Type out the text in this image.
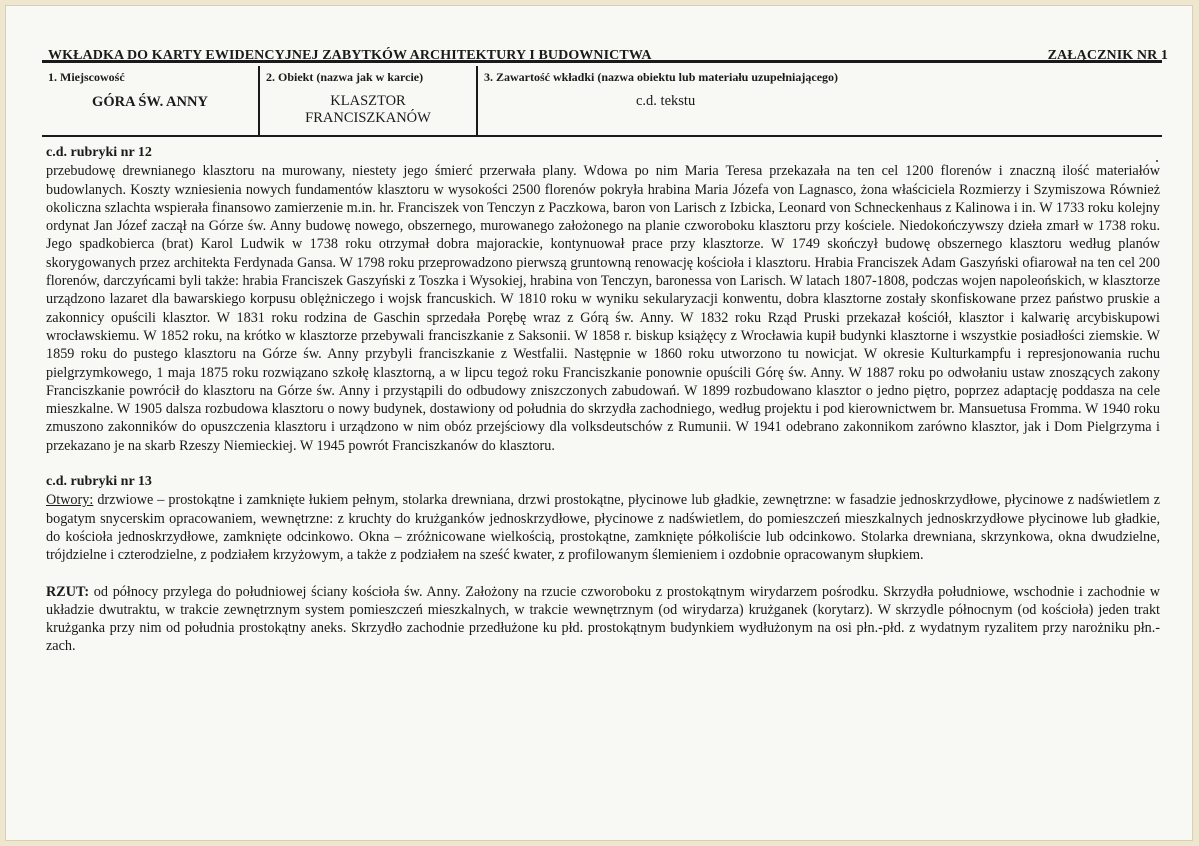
WKŁADKA DO KARTY EWIDENCYJNEJ ZABYTKÓW ARCHITEKTURY I BUDOWNICTWA	ZAŁĄCZNIK NR 1
1. Miejscowość
GÓRA ŚW. ANNY
2. Obiekt (nazwa jak w karcie)
KLASZTOR
FRANCISZKANÓW
3. Zawartość wkładki (nazwa obiektu lub materiału uzupełniającego)
c.d. tekstu
c.d. rubryki nr 12
przebudowę drewnianego klasztoru na murowany, niestety jego śmierć przerwała plany. Wdowa po nim Maria Teresa przekazała na ten cel 1200 florenów i znaczną ilość materiałów budowlanych. Koszty wzniesienia nowych fundamentów klasztoru w wysokości 2500 florenów pokryła hrabina Maria Józefa von Lagnasco, żona właściciela Rozmierzy i Szymiszowa Również okoliczna szlachta wspierała finansowo zamierzenie m.in. hr. Franciszek von Tenczyn z Paczkowa, baron von Larisch z Izbicka, Leonard von Schneckenhaus z Kalinowa i in. W 1733 roku kolejny ordynat Jan Józef zaczął na Górze św. Anny budowę nowego, obszernego, murowanego założonego na planie czworoboku klasztoru przy kościele. Niedokończywszy dzieła zmarł w 1738 roku. Jego spadkobierca (brat) Karol Ludwik w 1738 roku otrzymał dobra majorackie, kontynuował prace przy klasztorze. W 1749 skończył budowę obszernego klasztoru według planów skorygowanych przez architekta Ferdynada Gansa. W 1798 roku przeprowadzono pierwszą gruntowną renowację kościoła i klasztoru. Hrabia Franciszek Adam Gaszyński ofiarował na ten cel 200 florenów, darczyńcami byli także: hrabia Franciszek Gaszyński z Toszka i Wysokiej, hrabina von Tenczyn, baronessa von Larisch. W latach 1807-1808, podczas wojen napoleońskich, w klasztorze urządzono lazaret dla bawarskiego korpusu oblężniczego i wojsk francuskich. W 1810 roku w wyniku sekularyzacji konwentu, dobra klasztorne zostały skonfiskowane przez państwo pruskie a zakonnicy opuścili klasztor. W 1831 roku rodzina de Gaschin sprzedała Porębę wraz z Górą św. Anny. W 1832 roku Rząd Pruski przekazał kościół, klasztor i kalwarię arcybiskupowi wrocławskiemu. W 1852 roku, na krótko w klasztorze przebywali franciszkanie z Saksonii. W 1858 r. biskup książęcy z Wrocławia kupił budynki klasztorne i wszystkie posiadłości ziemskie. W 1859 roku do pustego klasztoru na Górze św. Anny przybyli franciszkanie z Westfalii. Następnie w 1860 roku utworzono tu nowicjat. W okresie Kulturkampfu i represjonowania ruchu pielgrzymkowego, 1 maja 1875 roku rozwiązano szkołę klasztorną, a w lipcu tegoż roku Franciszkanie ponownie opuścili Górę św. Anny. W 1887 roku po odwołaniu ustaw znoszących zakony Franciszkanie powrócił do klasztoru na Górze św. Anny i przystąpili do odbudowy zniszczonych zabudowań. W 1899 rozbudowano klasztor o jedno piętro, poprzez adaptację poddasza na cele mieszkalne. W 1905 dalsza rozbudowa klasztoru o nowy budynek, dostawiony od południa do skrzydła zachodniego, według projektu i pod kierownictwem br. Mansuetusa Fromma. W 1940 roku zmuszono zakonników do opuszczenia klasztoru i urządzono w nim obóz przejściowy dla volksdeutschów z Rumunii. W 1941 odebrano zakonnikom zarówno klasztor, jak i Dom Pielgrzyma i przekazano je na skarb Rzeszy Niemieckiej. W 1945 powrót Franciszkanów do klasztoru.
c.d. rubryki nr 13
Otwory: drzwiowe – prostokątne i zamknięte łukiem pełnym, stolarka drewniana, drzwi prostokątne, płycinowe lub gładkie, zewnętrzne: w fasadzie jednoskrzydłowe, płycinowe z nadświetlem z bogatym snycerskim opracowaniem, wewnętrzne: z kruchty do krużganków jednoskrzydłowe, płycinowe z nadświetlem, do pomieszczeń mieszkalnych jednoskrzydłowe płycinowe lub gładkie, do kościoła jednoskrzydłowe, zamknięte odcinkowo. Okna – zróżnicowane wielkością, prostokątne, zamknięte półkoliście lub odcinkowo. Stolarka drewniana, skrzynkowa, okna dwudzielne, trójdzielne i czterodzielne, z podziałem krzyżowym, a także z podziałem na sześć kwater, z profilowanym ślemieniem i ozdobnie opracowanym słupkiem.
RZUT: od północy przylega do południowej ściany kościoła św. Anny. Założony na rzucie czworoboku z prostokątnym wirydarzem pośrodku. Skrzydła południowe, wschodnie i zachodnie w układzie dwutraktu, w trakcie zewnętrznym system pomieszczeń mieszkalnych, w trakcie wewnętrznym (od wirydarza) krużganek (korytarz). W skrzydle północnym (od kościoła) jeden trakt krużganka przy nim od południa prostokątny aneks. Skrzydło zachodnie przedłużone ku płd. prostokątnym budynkiem wydłużonym na osi płn.-płd. z wydatnym ryzalitem przy narożniku płn.- zach.
